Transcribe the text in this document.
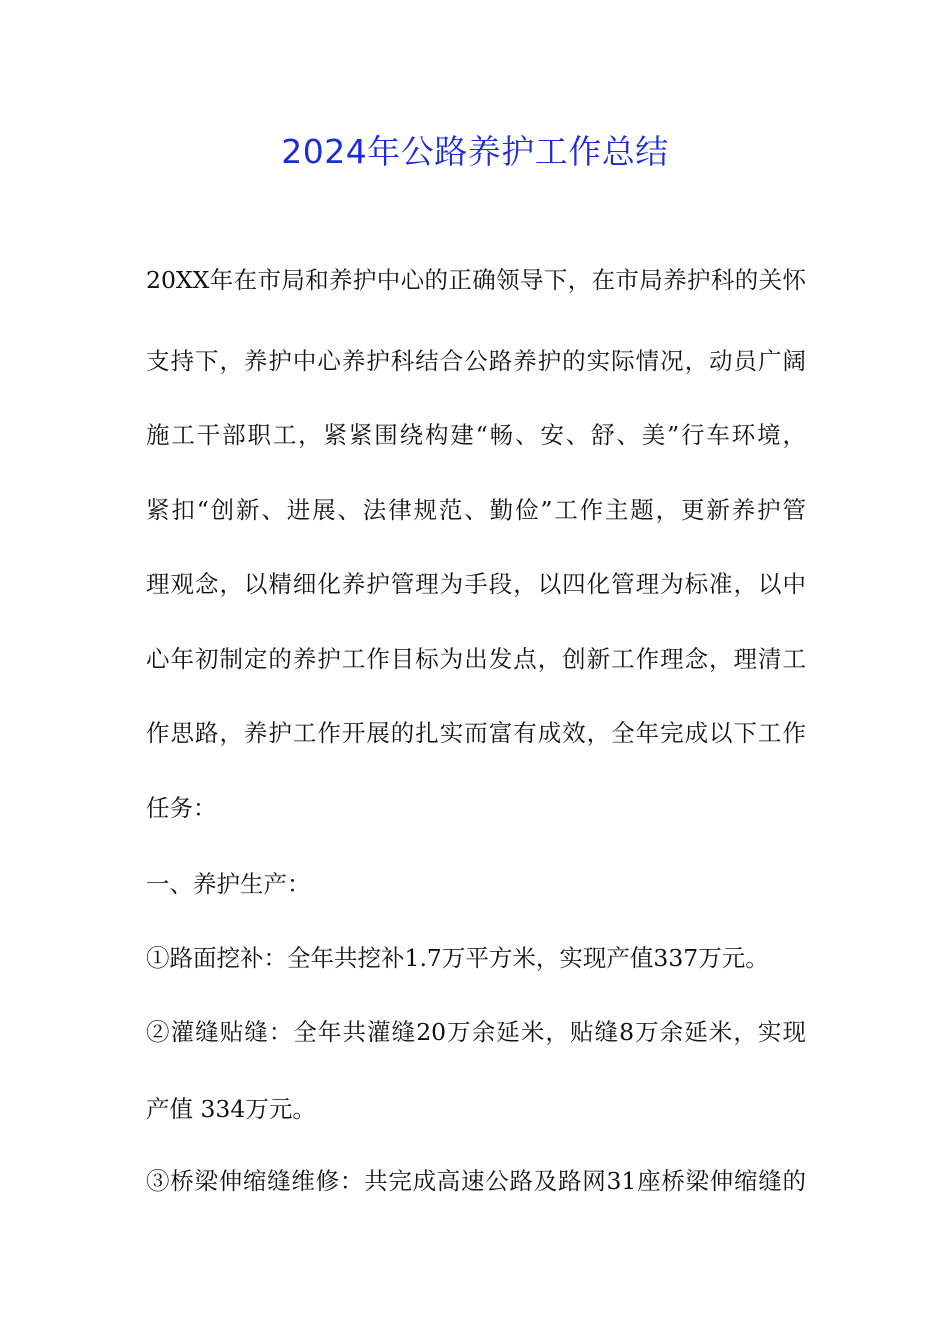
2024年公路养护工作总结
20XX年在市局和养护中心的正确领导下，在市局养护科的关怀
支持下，养护中心养护科结合公路养护的实际情况，动员广阔
施工干部职工，紧紧围绕构建“畅、安、舒、美”行车环境，
紧扣“创新、进展、法律规范、勤俭”工作主题，更新养护管
理观念，以精细化养护管理为手段，以四化管理为标准，以中
心年初制定的养护工作目标为出发点，创新工作理念，理清工
作思路，养护工作开展的扎实而富有成效，全年完成以下工作
任务：
一、养护生产：
①路面挖补：全年共挖补1.7万平方米，实现产值337万元。
②灌缝贴缝：全年共灌缝20万余延米，贴缝8万余延米，实现
产值 334万元。
③桥梁伸缩缝维修：共完成高速公路及路网31座桥梁伸缩缝的
